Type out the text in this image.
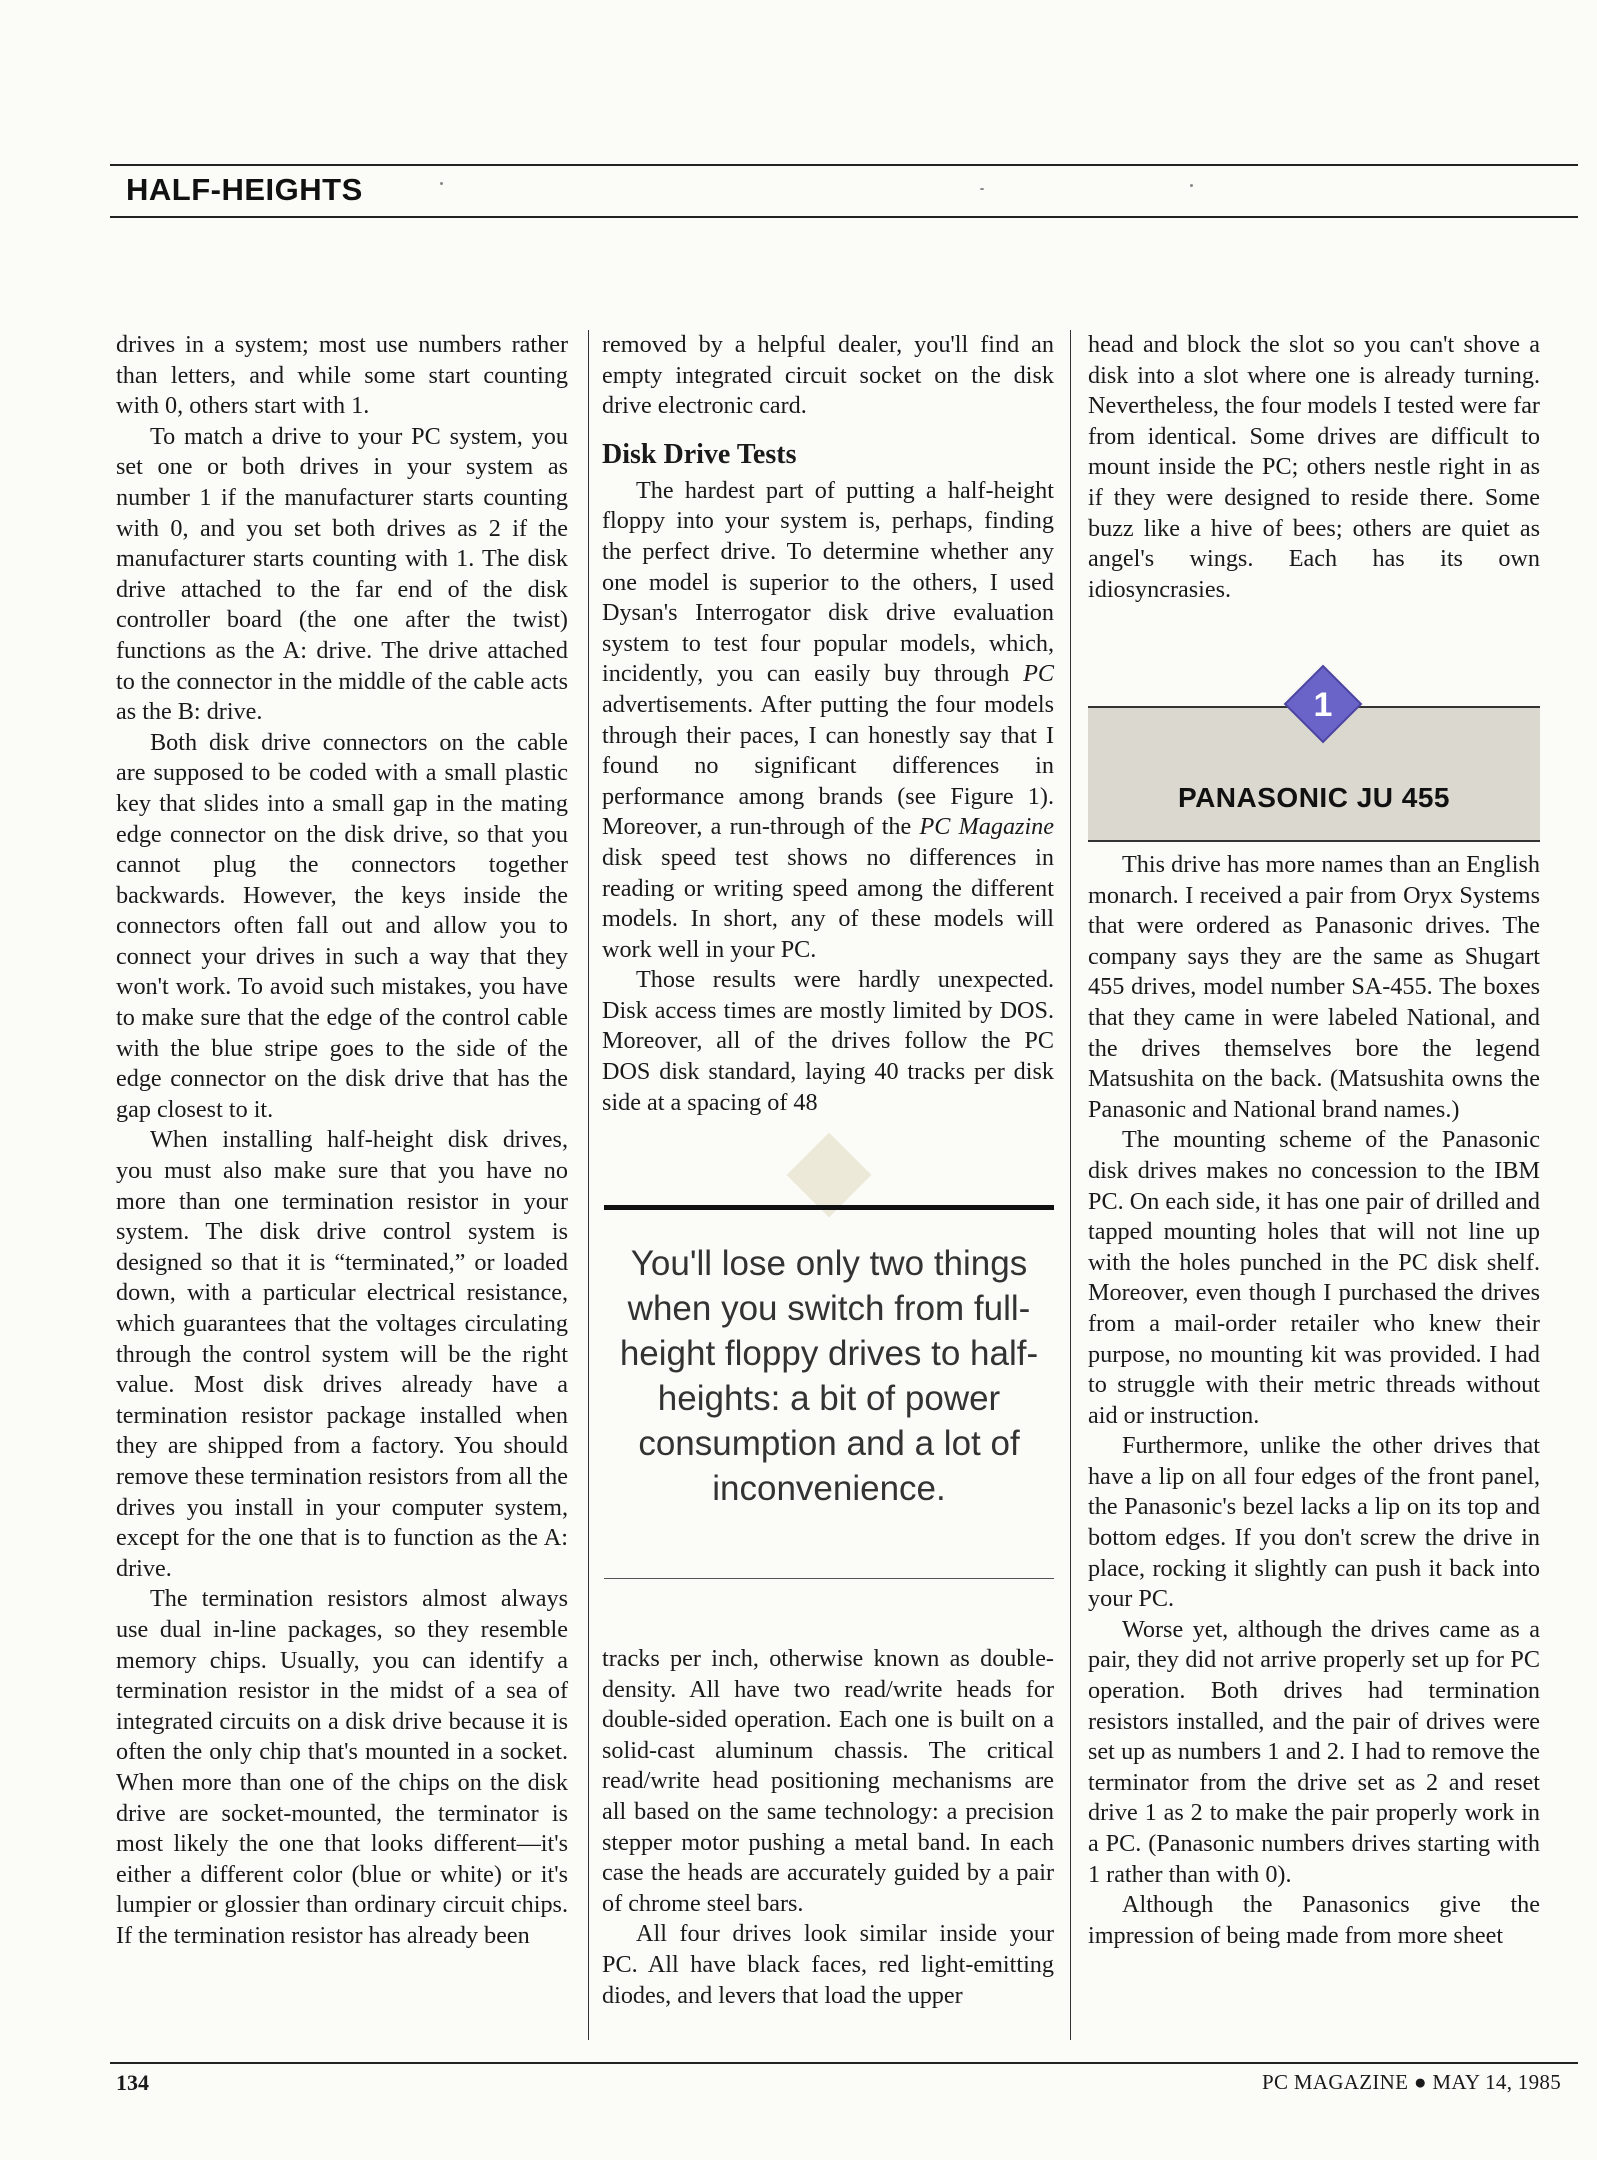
HALF-HEIGHTS

drives in a system; most use numbers rather than letters, and while some start counting with 0, others start with 1.

To match a drive to your PC system, you set one or both drives in your system as number 1 if the manufacturer starts counting with 0, and you set both drives as 2 if the manufacturer starts counting with 1. The disk drive attached to the far end of the disk controller board (the one after the twist) functions as the A: drive. The drive attached to the connector in the middle of the cable acts as the B: drive.

Both disk drive connectors on the cable are supposed to be coded with a small plastic key that slides into a small gap in the mating edge connector on the disk drive, so that you cannot plug the connectors together backwards. However, the keys inside the connectors often fall out and allow you to connect your drives in such a way that they won't work. To avoid such mistakes, you have to make sure that the edge of the control cable with the blue stripe goes to the side of the edge connector on the disk drive that has the gap closest to it.

When installing half-height disk drives, you must also make sure that you have no more than one termination resistor in your system. The disk drive control system is designed so that it is “terminated,” or loaded down, with a particular electrical resistance, which guarantees that the voltages circulating through the control system will be the right value. Most disk drives already have a termination resistor package installed when they are shipped from a factory. You should remove these termination resistors from all the drives you install in your computer system, except for the one that is to function as the A: drive.

The termination resistors almost always use dual in-line packages, so they resemble memory chips. Usually, you can identify a termination resistor in the midst of a sea of integrated circuits on a disk drive because it is often the only chip that's mounted in a socket. When more than one of the chips on the disk drive are socket-mounted, the terminator is most likely the one that looks different—it's either a different color (blue or white) or it's lumpier or glossier than ordinary circuit chips. If the termination resistor has already been

removed by a helpful dealer, you'll find an empty integrated circuit socket on the disk drive electronic card.

Disk Drive Tests

The hardest part of putting a half-height floppy into your system is, perhaps, finding the perfect drive. To determine whether any one model is superior to the others, I used Dysan's Interrogator disk drive evaluation system to test four popular models, which, incidently, you can easily buy through PC advertisements. After putting the four models through their paces, I can honestly say that I found no significant differences in performance among brands (see Figure 1). Moreover, a run-through of the PC Magazine disk speed test shows no differences in reading or writing speed among the different models. In short, any of these models will work well in your PC.

Those results were hardly unexpected. Disk access times are mostly limited by DOS. Moreover, all of the drives follow the PC DOS disk standard, laying 40 tracks per disk side at a spacing of 48

You'll lose only two things when you switch from full-height floppy drives to half-heights: a bit of power consumption and a lot of inconvenience.

tracks per inch, otherwise known as double-density. All have two read/write heads for double-sided operation. Each one is built on a solid-cast aluminum chassis. The critical read/write head positioning mechanisms are all based on the same technology: a precision stepper motor pushing a metal band. In each case the heads are accurately guided by a pair of chrome steel bars.

All four drives look similar inside your PC. All have black faces, red light-emitting diodes, and levers that load the upper

head and block the slot so you can't shove a disk into a slot where one is already turning. Nevertheless, the four models I tested were far from identical. Some drives are difficult to mount inside the PC; others nestle right in as if they were designed to reside there. Some buzz like a hive of bees; others are quiet as angel's wings. Each has its own idiosyncrasies.

PANASONIC JU 455
1

This drive has more names than an English monarch. I received a pair from Oryx Systems that were ordered as Panasonic drives. The company says they are the same as Shugart 455 drives, model number SA-455. The boxes that they came in were labeled National, and the drives themselves bore the legend Matsushita on the back. (Matsushita owns the Panasonic and National brand names.)

The mounting scheme of the Panasonic disk drives makes no concession to the IBM PC. On each side, it has one pair of drilled and tapped mounting holes that will not line up with the holes punched in the PC disk shelf. Moreover, even though I purchased the drives from a mail-order retailer who knew their purpose, no mounting kit was provided. I had to struggle with their metric threads without aid or instruction.

Furthermore, unlike the other drives that have a lip on all four edges of the front panel, the Panasonic's bezel lacks a lip on its top and bottom edges. If you don't screw the drive in place, rocking it slightly can push it back into your PC.

Worse yet, although the drives came as a pair, they did not arrive properly set up for PC operation. Both drives had termination resistors installed, and the pair of drives were set up as numbers 1 and 2. I had to remove the terminator from the drive set as 2 and reset drive 1 as 2 to make the pair properly work in a PC. (Panasonic numbers drives starting with 1 rather than with 0).

Although the Panasonics give the impression of being made from more sheet

134	PC MAGAZINE ● MAY 14, 1985
